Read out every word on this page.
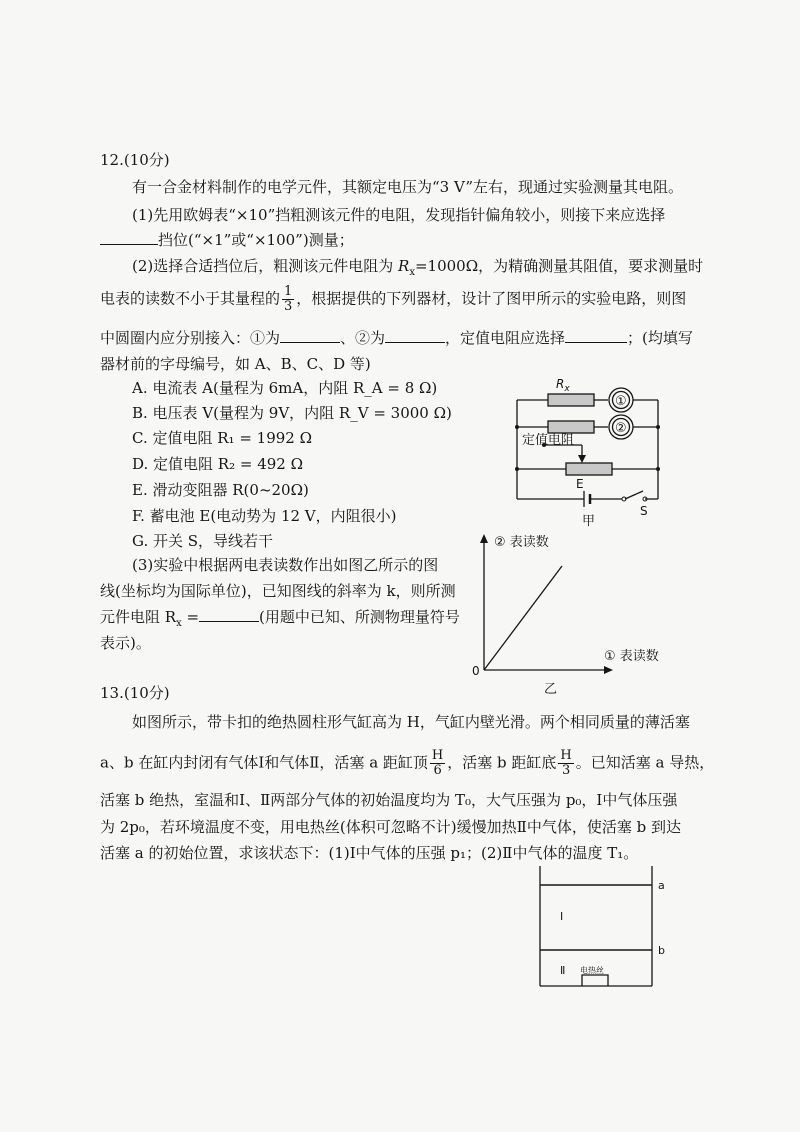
12.(10分)
有一合金材料制作的电学元件，其额定电压为“3 V”左右，现通过实验测量其电阻。
(1)先用欧姆表“×10”挡粗测该元件的电阻，发现指针偏角较小，则接下来应选择
挡位(“×1”或“×100”)测量；
(2)选择合适挡位后，粗测该元件电阻为 $R_x=1000\Omega$，为精确测量其阻值，要求测量时
电表的读数不小于其量程的 $\frac{1}{3}$ ，根据提供的下列器材，设计了图甲所示的实验电路，则图
中圆圈内应分别接入：①为	、②为	，定值电阻应选择	；(均填写
器材前的字母编号，如 A、B、C、D 等)
A. 电流表 A(量程为 6mA，内阻 R_A = 8 Ω)
B. 电压表 V(量程为 9V，内阻 R_V = 3000 Ω)
C. 定值电阻 R₁ = 1992 Ω
D. 定值电阻 R₂ = 492 Ω
E. 滑动变阻器 R(0~20Ω)
F. 蓄电池 E(电动势为 12 V，内阻很小)
G. 开关 S，导线若干
(3)实验中根据两电表读数作出如图乙所示的图
线(坐标均为国际单位)，已知图线的斜率为 k，则所测
元件电阻 $R_x$ =	(用题中已知、所测物理量符号
表示)。
$R_x$
①
②
定值电阻
E
S
甲
② 表读数
① 表读数
0
乙
13.(10分)
如图所示，带卡扣的绝热圆柱形气缸高为 H，气缸内壁光滑。两个相同质量的薄活塞
a、b 在缸内封闭有气体Ⅰ和气体Ⅱ，活塞 a 距缸顶 $\frac{H}{6}$ ，活塞 b 距缸底 $\frac{H}{3}$ 。已知活塞 a 导热，
活塞 b 绝热，室温和Ⅰ、Ⅱ两部分气体的初始温度均为 T₀，大气压强为 p₀，Ⅰ中气体压强
为 2p₀，若环境温度不变，用电热丝(体积可忽略不计)缓慢加热Ⅱ中气体，使活塞 b 到达
活塞 a 的初始位置，求该状态下：(1)Ⅰ中气体的压强 p₁；(2)Ⅱ中气体的温度 T₁。
a
b
Ⅰ
Ⅱ 电热丝
